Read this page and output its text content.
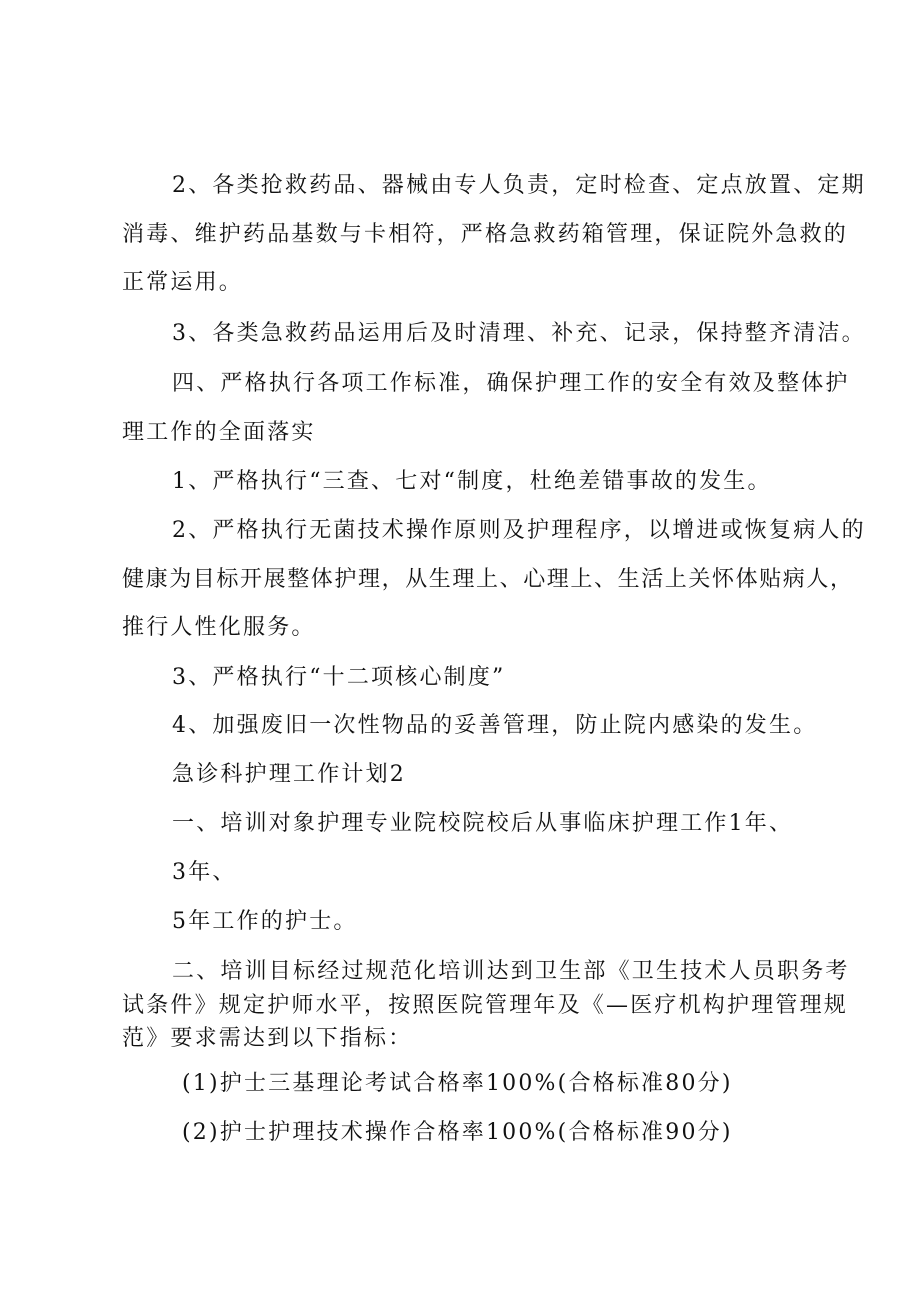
2、各类抢救药品、器械由专人负责，定时检查、定点放置、定期
消毒、维护药品基数与卡相符，严格急救药箱管理，保证院外急救的
正常运用。
3、各类急救药品运用后及时清理、补充、记录，保持整齐清洁。
四、严格执行各项工作标准，确保护理工作的安全有效及整体护
理工作的全面落实
1、严格执行“三查、七对“制度，杜绝差错事故的发生。
2、严格执行无菌技术操作原则及护理程序，以增进或恢复病人的
健康为目标开展整体护理，从生理上、心理上、生活上关怀体贴病人，
推行人性化服务。
3、严格执行“十二项核心制度”
4、加强废旧一次性物品的妥善管理，防止院内感染的发生。
急诊科护理工作计划2
一、培训对象护理专业院校院校后从事临床护理工作1年、
3年、
5年工作的护士。
二、培训目标经过规范化培训达到卫生部《卫生技术人员职务考
试条件》规定护师水平，按照医院管理年及《—医疗机构护理管理规
范》要求需达到以下指标：
(1)护士三基理论考试合格率100%(合格标准80分)
(2)护士护理技术操作合格率100%(合格标准90分)
